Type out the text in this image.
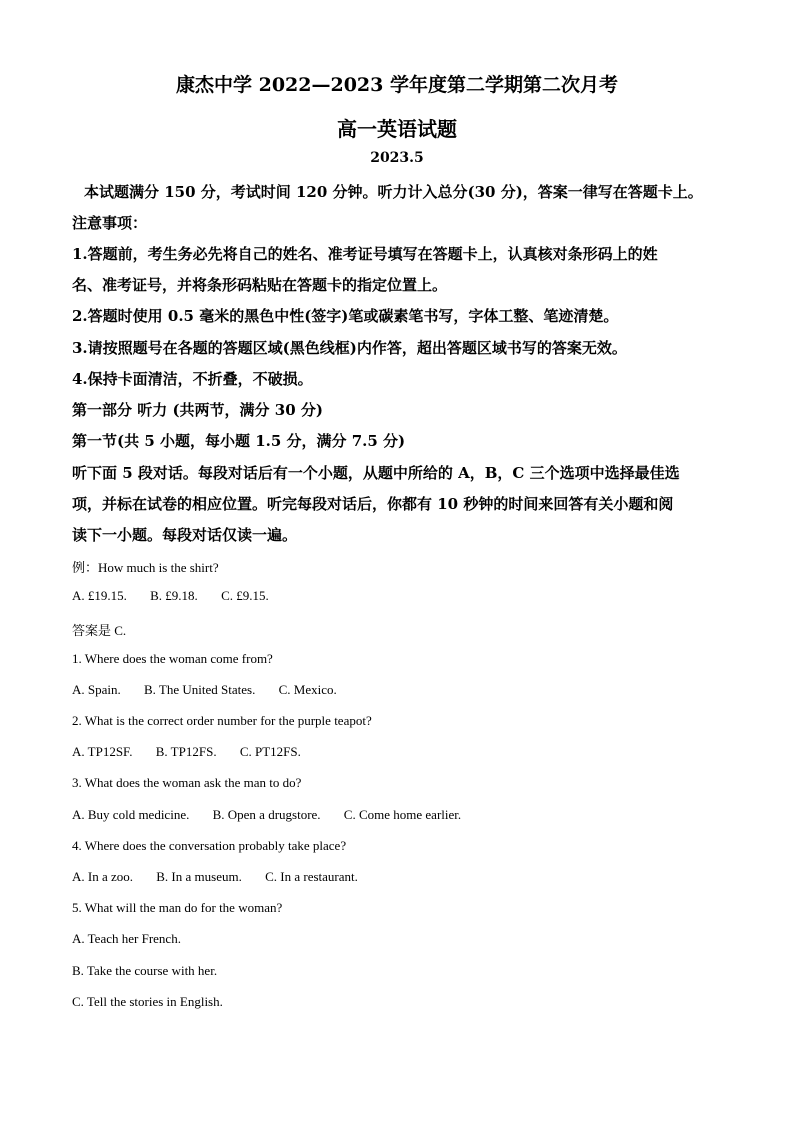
康杰中学 2022—2023 学年度第二学期第二次月考
高一英语试题
2023.5
本试题满分 150 分，考试时间 120 分钟。听力计入总分(30 分)，答案一律写在答题卡上。
注意事项：
1.答题前，考生务必先将自己的姓名、准考证号填写在答题卡上，认真核对条形码上的姓
名、准考证号，并将条形码粘贴在答题卡的指定位置上。
2.答题时使用 0.5 毫米的黑色中性(签字)笔或碳素笔书写，字体工整、笔迹清楚。
3.请按照题号在各题的答题区域(黑色线框)内作答，超出答题区域书写的答案无效。
4.保持卡面清洁，不折叠，不破损。
第一部分 听力 (共两节，满分 30 分)
第一节(共 5 小题，每小题 1.5 分，满分 7.5 分)
听下面 5 段对话。每段对话后有一个小题，从题中所给的 A，B，C 三个选项中选择最佳选
项，并标在试卷的相应位置。听完每段对话后，你都有 10 秒钟的时间来回答有关小题和阅
读下一小题。每段对话仅读一遍。
例：How much is the shirt?
A. £19.15. B. £9.18. C. £9.15.
答案是 C.
1. Where does the woman come from?
A. Spain. B. The United States. C. Mexico.
2. What is the correct order number for the purple teapot?
A. TP12SF. B. TP12FS. C. PT12FS.
3. What does the woman ask the man to do?
A. Buy cold medicine. B. Open a drugstore. C. Come home earlier.
4. Where does the conversation probably take place?
A. In a zoo. B. In a museum. C. In a restaurant.
5. What will the man do for the woman?
A. Teach her French.
B. Take the course with her.
C. Tell the stories in English.
